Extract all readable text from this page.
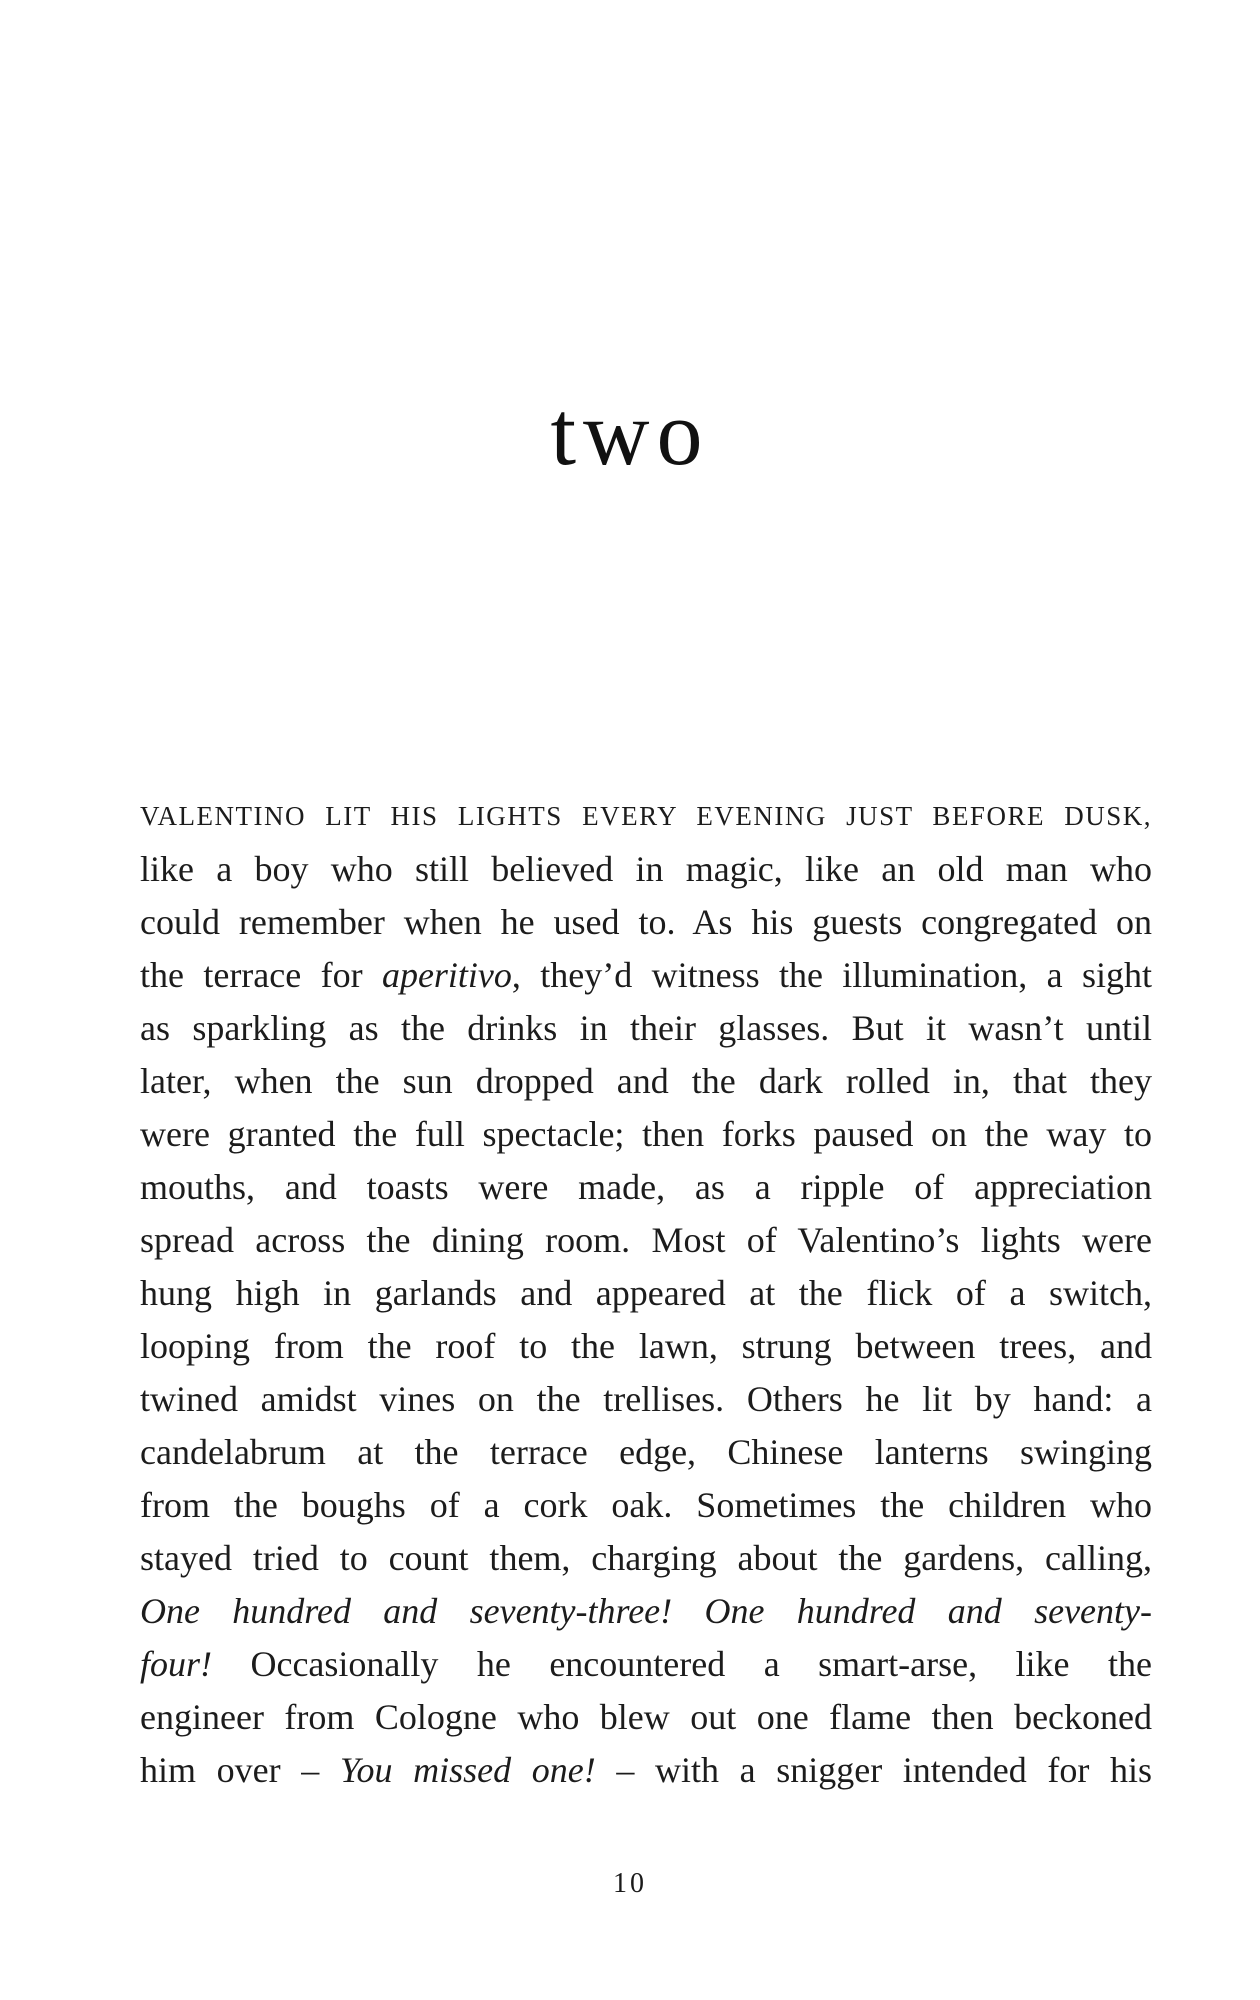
two
VALENTINO LIT HIS LIGHTS EVERY EVENING JUST BEFORE DUSK,
like a boy who still believed in magic, like an old man who
could remember when he used to. As his guests congregated on
the terrace for aperitivo, they’d witness the illumination, a sight
as sparkling as the drinks in their glasses. But it wasn’t until
later, when the sun dropped and the dark rolled in, that they
were granted the full spectacle; then forks paused on the way to
mouths, and toasts were made, as a ripple of appreciation
spread across the dining room. Most of Valentino’s lights were
hung high in garlands and appeared at the flick of a switch,
looping from the roof to the lawn, strung between trees, and
twined amidst vines on the trellises. Others he lit by hand: a
candelabrum at the terrace edge, Chinese lanterns swinging
from the boughs of a cork oak. Sometimes the children who
stayed tried to count them, charging about the gardens, calling,
One hundred and seventy-three! One hundred and seventy-
four! Occasionally he encountered a smart-arse, like the
engineer from Cologne who blew out one flame then beckoned
him over – You missed one! – with a snigger intended for his
10
